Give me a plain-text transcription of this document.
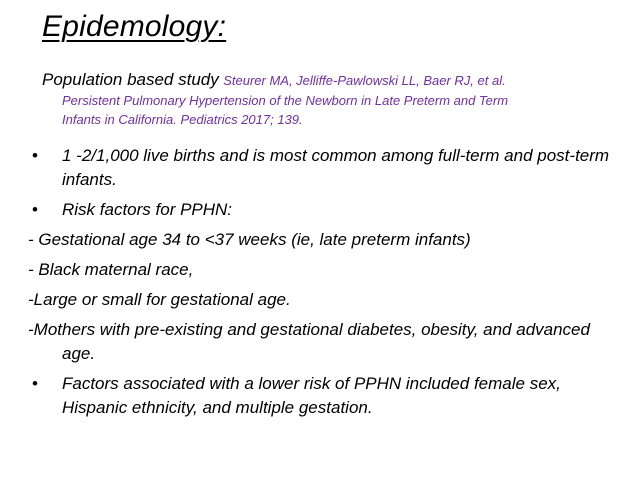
Epidemology:
Population based study Steurer MA, Jelliffe-Pawlowski LL, Baer RJ, et al.
Persistent Pulmonary Hypertension of the Newborn in Late Preterm and Term
Infants in California. Pediatrics 2017; 139.
• 1 -2/1,000 live births and is most common among full-term and post-term infants.
• Risk factors for PPHN:
- Gestational age 34 to <37 weeks (ie, late preterm infants)
- Black maternal race,
-Large or small for gestational age.
-Mothers with pre-existing and gestational diabetes, obesity, and advanced age.
• Factors associated with a lower risk of PPHN included female sex, Hispanic ethnicity, and multiple gestation.
